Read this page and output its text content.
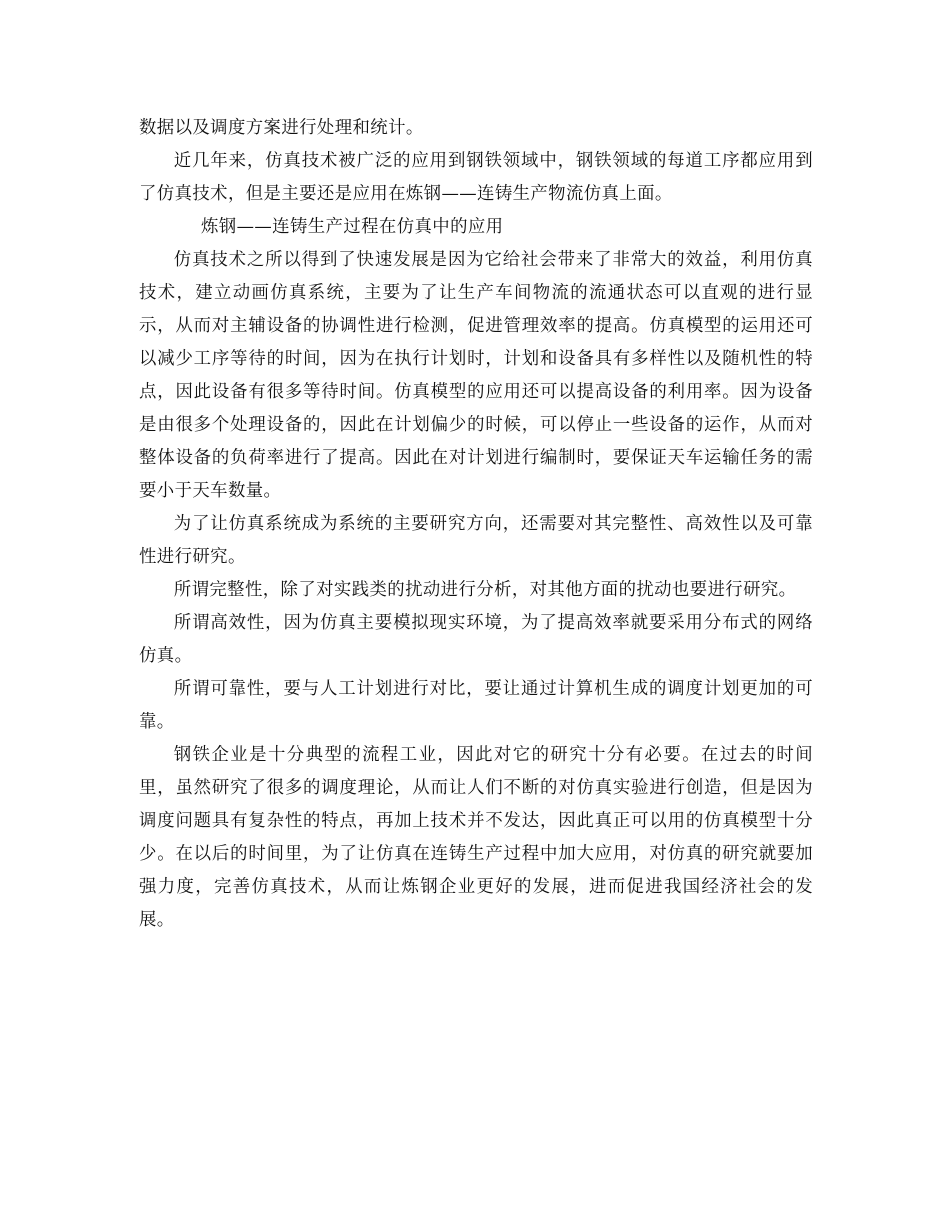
数据以及调度方案进行处理和统计。

近几年来，仿真技术被广泛的应用到钢铁领域中，钢铁领域的每道工序都应用到了仿真技术，但是主要还是应用在炼钢——连铸生产物流仿真上面。

炼钢——连铸生产过程在仿真中的应用

仿真技术之所以得到了快速发展是因为它给社会带来了非常大的效益，利用仿真技术，建立动画仿真系统，主要为了让生产车间物流的流通状态可以直观的进行显示，从而对主辅设备的协调性进行检测，促进管理效率的提高。仿真模型的运用还可以减少工序等待的时间，因为在执行计划时，计划和设备具有多样性以及随机性的特点，因此设备有很多等待时间。仿真模型的应用还可以提高设备的利用率。因为设备是由很多个处理设备的，因此在计划偏少的时候，可以停止一些设备的运作，从而对整体设备的负荷率进行了提高。因此在对计划进行编制时，要保证天车运输任务的需要小于天车数量。

为了让仿真系统成为系统的主要研究方向，还需要对其完整性、高效性以及可靠性进行研究。

所谓完整性，除了对实践类的扰动进行分析，对其他方面的扰动也要进行研究。

所谓高效性，因为仿真主要模拟现实环境，为了提高效率就要采用分布式的网络仿真。

所谓可靠性，要与人工计划进行对比，要让通过计算机生成的调度计划更加的可靠。

钢铁企业是十分典型的流程工业，因此对它的研究十分有必要。在过去的时间里，虽然研究了很多的调度理论，从而让人们不断的对仿真实验进行创造，但是因为调度问题具有复杂性的特点，再加上技术并不发达，因此真正可以用的仿真模型十分少。在以后的时间里，为了让仿真在连铸生产过程中加大应用，对仿真的研究就要加强力度，完善仿真技术，从而让炼钢企业更好的发展，进而促进我国经济社会的发展。
